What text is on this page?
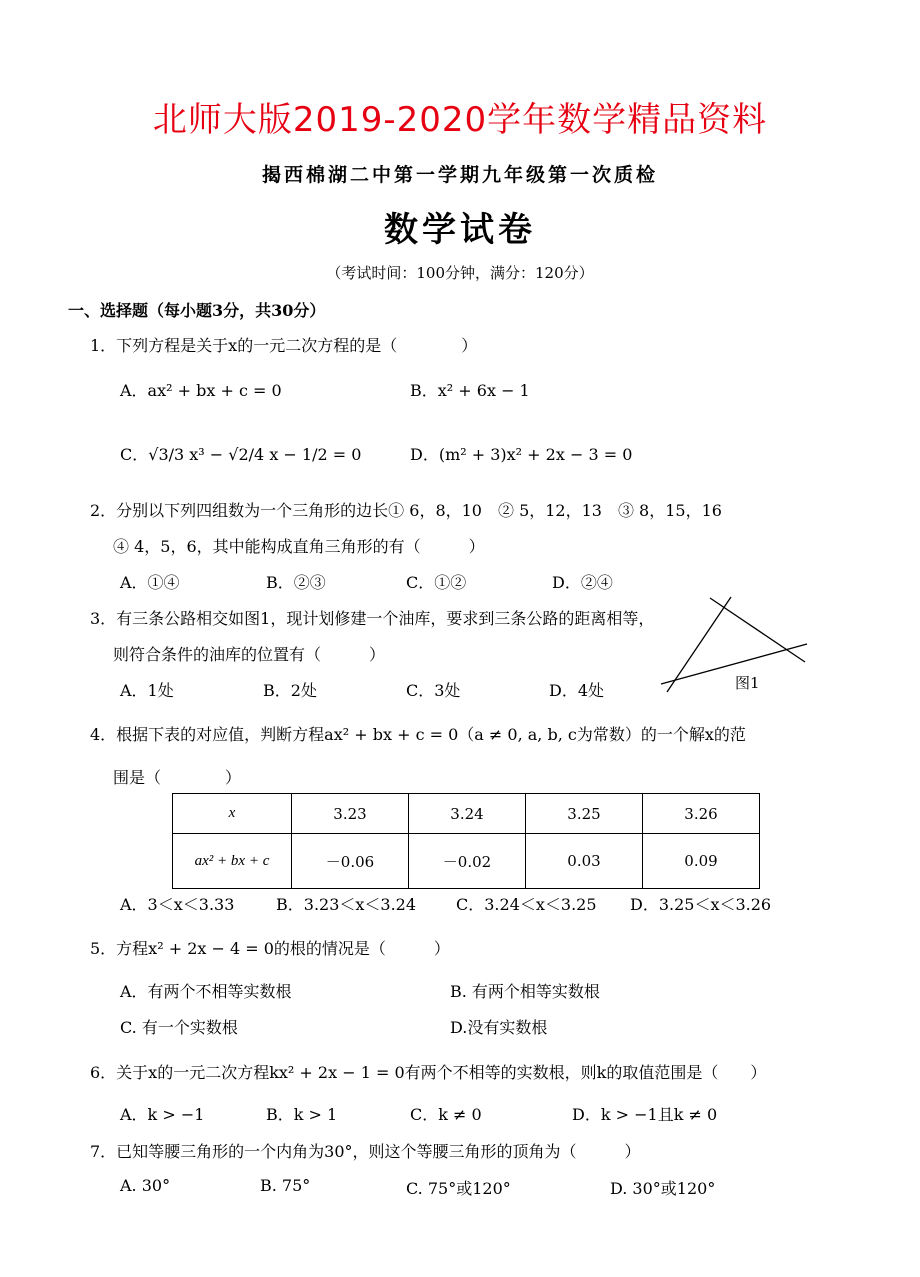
北师大版2019-2020学年数学精品资料
揭西棉湖二中第一学期九年级第一次质检
数学试卷
（考试时间：100分钟，满分：120分）
一、选择题（每小题3分，共30分）
1．下列方程是关于x的一元二次方程的是（　　　　）
A．ax² + bx + c = 0	B．x² + 6x − 1
C．√3/3 x³ − √2/4 x − 1/2 = 0	D．(m² + 3)x² + 2x − 3 = 0
2．分别以下列四组数为一个三角形的边长① 6，8，10　② 5，12，13　③ 8，15，16
④ 4，5，6，其中能构成直角三角形的有（　　　）
A．①④	B．②③	C．①②	D．②④
3．有三条公路相交如图1，现计划修建一个油库，要求到三条公路的距离相等，
则符合条件的油库的位置有（　　　）
A．1处	B．2处	C．3处	D．4处	图1
4．根据下表的对应值，判断方程ax² + bx + c = 0（a ≠ 0, a, b, c为常数）的一个解x的范
围是（　　　　）
x	3.23	3.24	3.25	3.26
ax² + bx + c	－0.06	－0.02	0.03	0.09
A．3＜x＜3.33	B．3.23＜x＜3.24 C．3.24＜x＜3.25 D．3.25＜x＜3.26
5．方程x² + 2x − 4 = 0的根的情况是（　　　）
A．有两个不相等实数根	B. 有两个相等实数根
C. 有一个实数根	D.没有实数根
6．关于x的一元二次方程kx² + 2x − 1 = 0有两个不相等的实数根，则k的取值范围是（　　）
A．k > −1	B．k > 1	C．k ≠ 0	D．k > −1且k ≠ 0
7．已知等腰三角形的一个内角为30°，则这个等腰三角形的顶角为（　　　）
A. 30°	B. 75°	C. 75°或120°	D. 30°或120°
